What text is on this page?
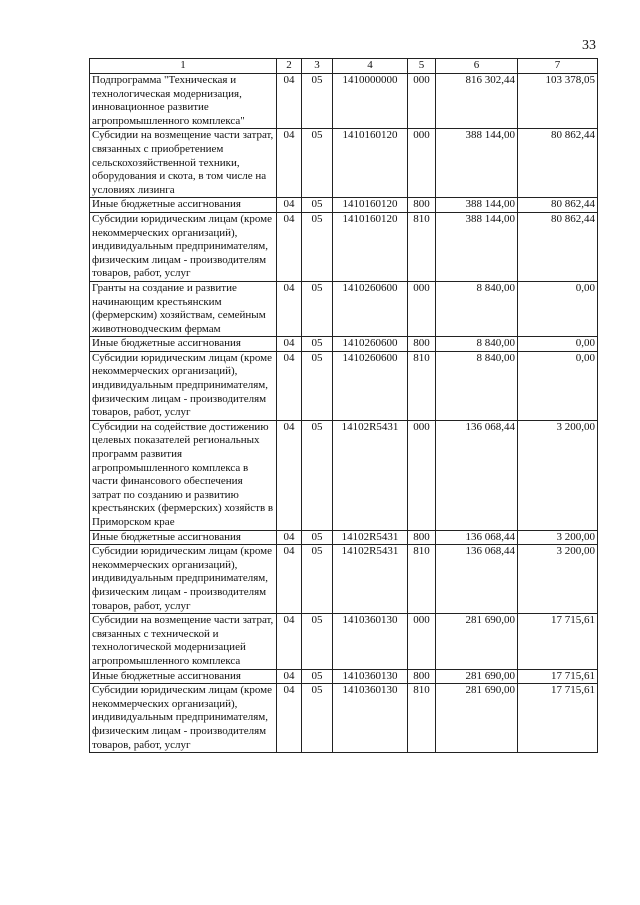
33
1	2	3	4	5	6	7
Подпрограмма "Техническая и технологическая модернизация, инновационное развитие агропромышленного комплекса"	04	05	1410000000	000	816 302,44	103 378,05
Субсидии на возмещение части затрат, связанных с приобретением сельскохозяйственной техники, оборудования и скота, в том числе на условиях лизинга	04	05	1410160120	000	388 144,00	80 862,44
Иные бюджетные ассигнования	04	05	1410160120	800	388 144,00	80 862,44
Субсидии юридическим лицам (кроме некоммерческих организаций), индивидуальным предпринимателям, физическим лицам - производителям товаров, работ, услуг	04	05	1410160120	810	388 144,00	80 862,44
Гранты на создание и развитие начинающим крестьянским (фермерским) хозяйствам, семейным животноводческим фермам	04	05	1410260600	000	8 840,00	0,00
Иные бюджетные ассигнования	04	05	1410260600	800	8 840,00	0,00
Субсидии юридическим лицам (кроме некоммерческих организаций), индивидуальным предпринимателям, физическим лицам - производителям товаров, работ, услуг	04	05	1410260600	810	8 840,00	0,00
Субсидии на содействие достижению целевых показателей региональных программ развития агропромышленного комплекса в части финансового обеспечения затрат по созданию и развитию крестьянских (фермерских) хозяйств в Приморском крае	04	05	14102R5431	000	136 068,44	3 200,00
Иные бюджетные ассигнования	04	05	14102R5431	800	136 068,44	3 200,00
Субсидии юридическим лицам (кроме некоммерческих организаций), индивидуальным предпринимателям, физическим лицам - производителям товаров, работ, услуг	04	05	14102R5431	810	136 068,44	3 200,00
Субсидии на возмещение части затрат, связанных с технической и технологической модернизацией агропромышленного комплекса	04	05	1410360130	000	281 690,00	17 715,61
Иные бюджетные ассигнования	04	05	1410360130	800	281 690,00	17 715,61
Субсидии юридическим лицам (кроме некоммерческих организаций), индивидуальным предпринимателям, физическим лицам - производителям товаров, работ, услуг	04	05	1410360130	810	281 690,00	17 715,61
